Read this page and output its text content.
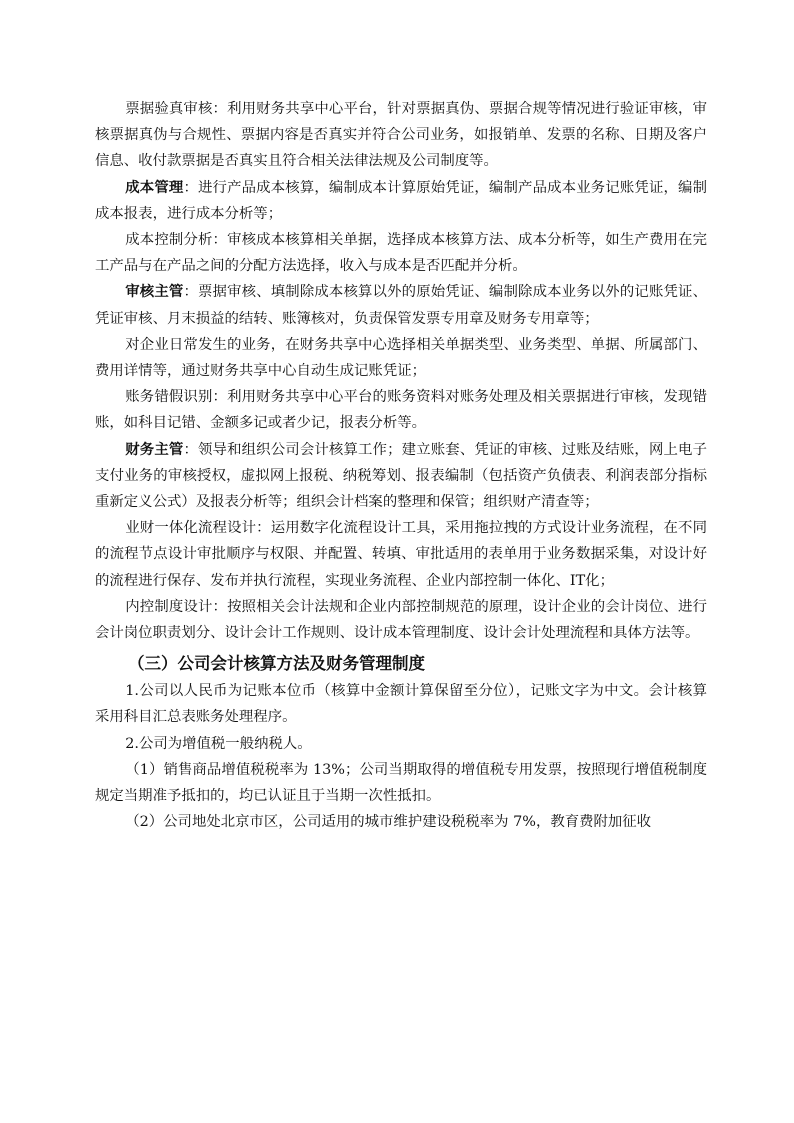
票据验真审核：利用财务共享中心平台，针对票据真伪、票据合规等情况进行验证审核，审核票据真伪与合规性、票据内容是否真实并符合公司业务，如报销单、发票的名称、日期及客户信息、收付款票据是否真实且符合相关法律法规及公司制度等。

成本管理：进行产品成本核算，编制成本计算原始凭证，编制产品成本业务记账凭证，编制成本报表，进行成本分析等；

成本控制分析：审核成本核算相关单据，选择成本核算方法、成本分析等，如生产费用在完工产品与在产品之间的分配方法选择，收入与成本是否匹配并分析。

审核主管：票据审核、填制除成本核算以外的原始凭证、编制除成本业务以外的记账凭证、凭证审核、月末损益的结转、账簿核对，负责保管发票专用章及财务专用章等；

对企业日常发生的业务，在财务共享中心选择相关单据类型、业务类型、单据、所属部门、费用详情等，通过财务共享中心自动生成记账凭证；

账务错假识别：利用财务共享中心平台的账务资料对账务处理及相关票据进行审核，发现错账，如科目记错、金额多记或者少记，报表分析等。

财务主管：领导和组织公司会计核算工作；建立账套、凭证的审核、过账及结账，网上电子支付业务的审核授权，虚拟网上报税、纳税筹划、报表编制（包括资产负债表、利润表部分指标重新定义公式）及报表分析等；组织会计档案的整理和保管；组织财产清查等；

业财一体化流程设计：运用数字化流程设计工具，采用拖拉拽的方式设计业务流程，在不同的流程节点设计审批顺序与权限、并配置、转填、审批适用的表单用于业务数据采集，对设计好的流程进行保存、发布并执行流程，实现业务流程、企业内部控制一体化、IT化；

内控制度设计：按照相关会计法规和企业内部控制规范的原理，设计企业的会计岗位、进行会计岗位职责划分、设计会计工作规则、设计成本管理制度、设计会计处理流程和具体方法等。

（三）公司会计核算方法及财务管理制度

1.公司以人民币为记账本位币（核算中金额计算保留至分位），记账文字为中文。会计核算采用科目汇总表账务处理程序。

2.公司为增值税一般纳税人。

（1）销售商品增值税税率为 13%；公司当期取得的增值税专用发票，按照现行增值税制度规定当期准予抵扣的，均已认证且于当期一次性抵扣。

（2）公司地处北京市区，公司适用的城市维护建设税税率为 7%，教育费附加征收
